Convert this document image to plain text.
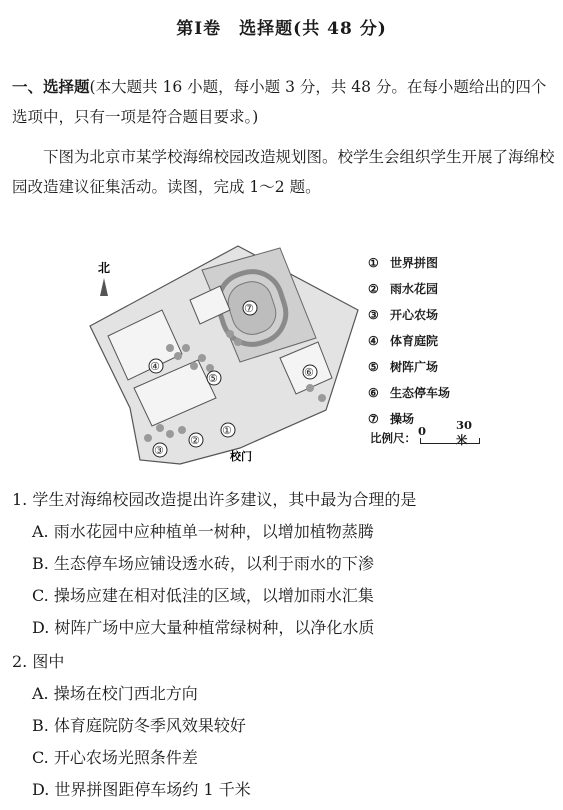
第Ⅰ卷　选择题(共 48 分)
一、选择题(本大题共 16 小题，每小题 3 分，共 48 分。在每小题给出的四个选项中，只有一项是符合题目要求。)
下图为北京市某学校海绵校园改造规划图。校学生会组织学生开展了海绵校园改造建议征集活动。读图，完成 1～2 题。
北
①
②
③
④
⑤	⑥
⑦
校门
① 世界拼图
② 雨水花园
③ 开心农场
④ 体育庭院
⑤ 树阵广场
⑥ 生态停车场
⑦ 操场
比例尺： 0	30米
1. 学生对海绵校园改造提出许多建议，其中最为合理的是
A. 雨水花园中应种植单一树种，以增加植物蒸腾
B. 生态停车场应铺设透水砖，以利于雨水的下渗
C. 操场应建在相对低洼的区域，以增加雨水汇集
D. 树阵广场中应大量种植常绿树种，以净化水质
2. 图中
A. 操场在校门西北方向
B. 体育庭院防冬季风效果较好
C. 开心农场光照条件差
D. 世界拼图距停车场约 1 千米
